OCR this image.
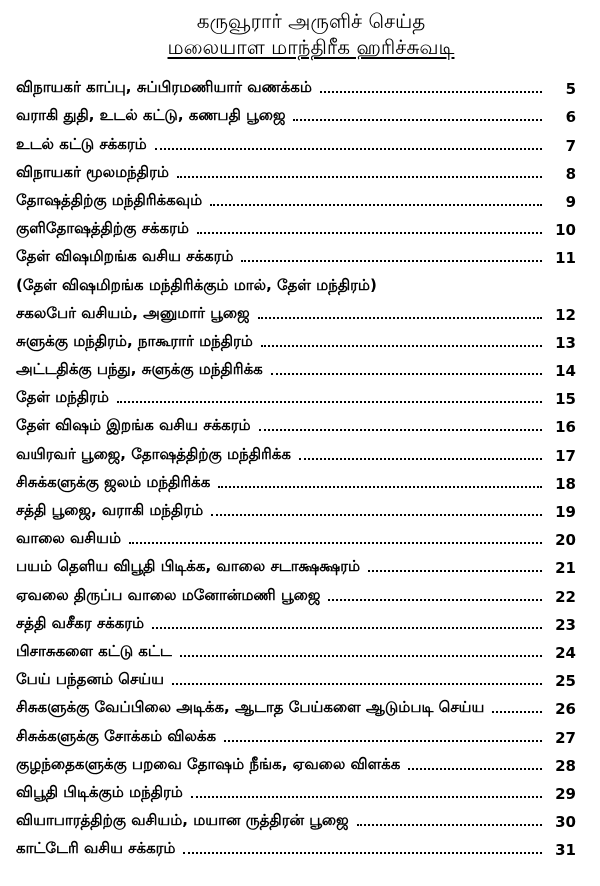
கருவூரார் அருளிச் செய்த
மலையாள மாந்திரீக ஹரிச்சுவடி
விநாயகர் காப்பு, சுப்பிரமணியார் வணக்கம்	5
வராகி துதி, உடல் கட்டு, கணபதி பூஜை	6
உடல் கட்டு சக்கரம்	7
விநாயகர் மூலமந்திரம்	8
தோஷத்திற்கு மந்திரிக்கவும்	9
குளிதோஷத்திற்கு சக்கரம்	10
தேள் விஷமிறங்க வசிய சக்கரம்	11
(தேள் விஷமிறங்க மந்திரிக்கும் மால், தேள் மந்திரம்)
சகலபேர் வசியம், அனுமார் பூஜை	12
சுளுக்கு மந்திரம், நாகூரார் மந்திரம்	13
அட்டதிக்கு பந்து, சுளுக்கு மந்திரிக்க	14
தேள் மந்திரம்	15
தேள் விஷம் இறங்க வசிய சக்கரம்	16
வயிரவர் பூஜை, தோஷத்திற்கு மந்திரிக்க	17
சிசுக்களுக்கு ஜலம் மந்திரிக்க	18
சத்தி பூஜை, வராகி மந்திரம்	19
வாலை வசியம்	20
பயம் தெளிய விபூதி பிடிக்க, வாலை சடாக்ஷக்ஷரம்	21
ஏவலை திருப்ப வாலை மனோன்மணி பூஜை	22
சத்தி வசீகர சக்கரம்	23
பிசாசுகளை கட்டு கட்ட	24
பேய் பந்தனம் செய்ய	25
சிசுகளுக்கு வேப்பிலை அடிக்க, ஆடாத பேய்களை ஆடும்படி செய்ய	26
சிசுக்களுக்கு சோக்கம் விலக்க	27
குழந்தைகளுக்கு பறவை தோஷம் நீங்க, ஏவலை விளக்க	28
விபூதி பிடிக்கும் மந்திரம்	29
வியாபாரத்திற்கு வசியம், மயான ருத்திரன் பூஜை	30
காட்டேரி வசிய சக்கரம்	31
